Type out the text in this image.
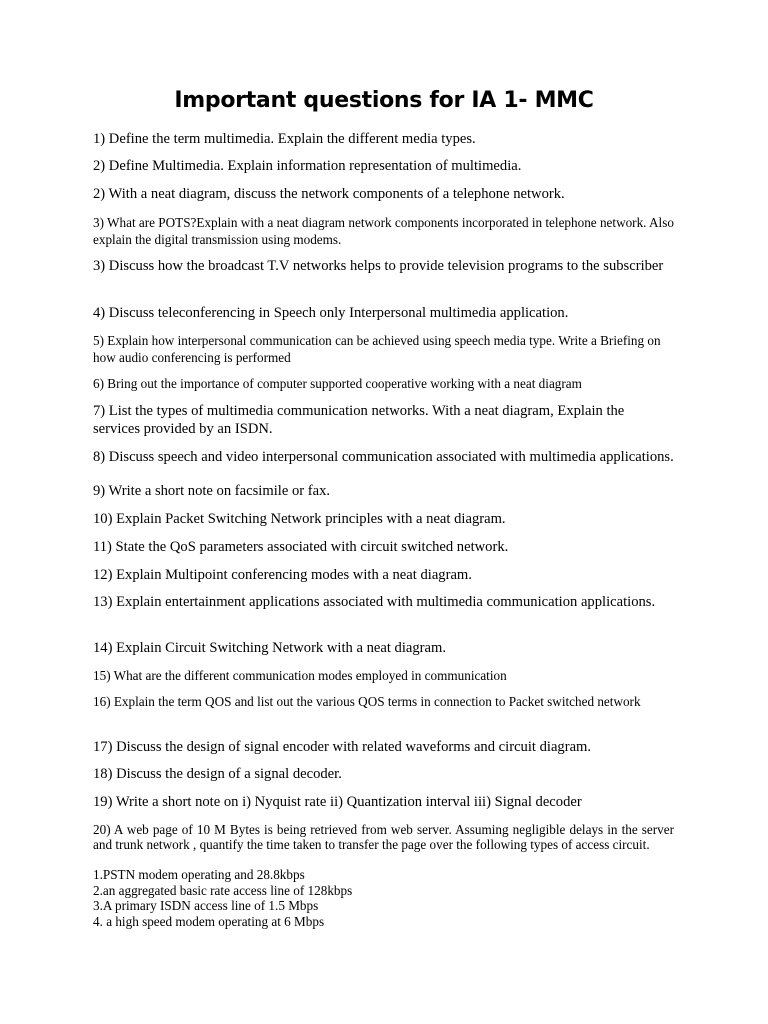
Important questions for IA 1- MMC

1) Define the term multimedia. Explain the different media types.

2) Define Multimedia. Explain information representation of multimedia.

2) With a neat diagram, discuss the network components of a telephone network.

3) What are POTS?Explain with a neat diagram network components incorporated in telephone network. Also explain the digital transmission using modems.

3) Discuss how the broadcast T.V networks helps to provide television programs to the subscriber

4) Discuss teleconferencing in Speech only Interpersonal multimedia application.

5) Explain how interpersonal communication can be achieved using speech media type. Write a Briefing on how audio conferencing is performed

6) Bring out the importance of computer supported cooperative working with a neat diagram

7) List the types of multimedia communication networks. With a neat diagram, Explain the services provided by an ISDN.

8) Discuss speech and video interpersonal communication associated with multimedia applications.

9) Write a short note on facsimile or fax.

10) Explain Packet Switching Network principles with a neat diagram.

11) State the QoS parameters associated with circuit switched network.

12) Explain Multipoint conferencing modes with a neat diagram.

13) Explain entertainment applications associated with multimedia communication applications.

14) Explain Circuit Switching Network with a neat diagram.

15) What are the different communication modes employed in communication

16) Explain the term QOS and list out the various QOS terms in connection to Packet switched network

17) Discuss the design of signal encoder with related waveforms and circuit diagram.

18) Discuss the design of a signal decoder.

19) Write a short note on i) Nyquist rate ii) Quantization interval iii) Signal decoder

20) A web page of 10 M Bytes is being retrieved from web server. Assuming negligible delays in the server and trunk network , quantify the time taken to transfer the page over the following types of access circuit.

1.PSTN modem operating and 28.8kbps
2.an aggregated basic rate access line of 128kbps
3.A primary ISDN access line of 1.5 Mbps
4. a high speed modem operating at 6 Mbps
